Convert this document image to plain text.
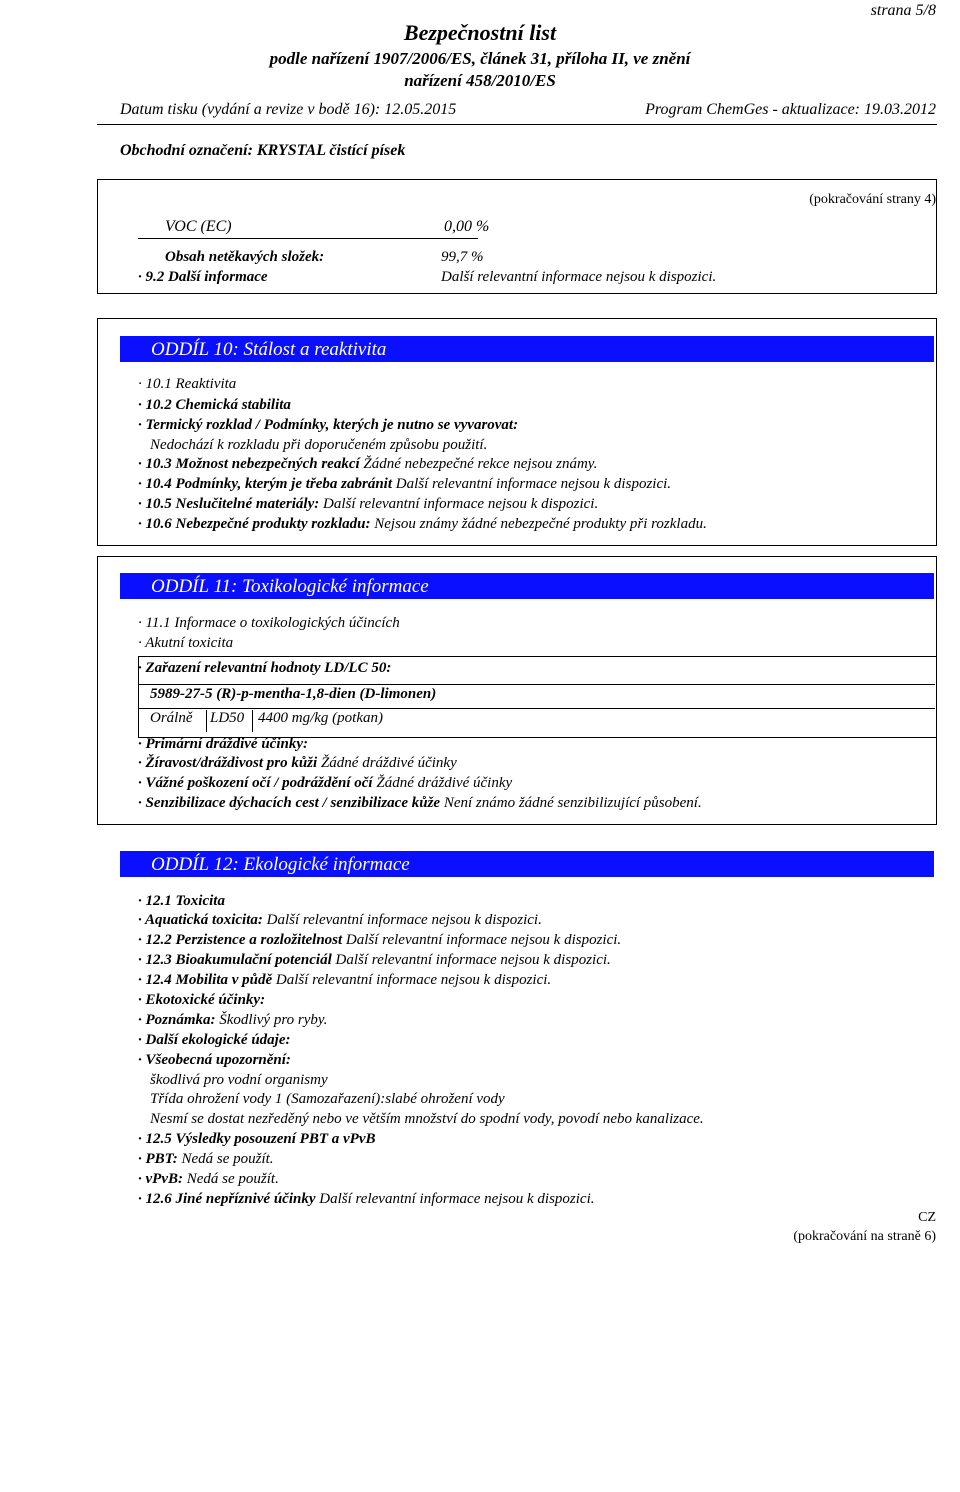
strana 5/8
Bezpečnostní list
podle nařízení 1907/2006/ES, článek 31, příloha II, ve znění
nařízení 458/2010/ES
Datum tisku (vydání a revize v bodě 16): 12.05.2015	Program ChemGes - aktualizace: 19.03.2012
Obchodní označení: KRYSTAL čistící písek
(pokračování strany 4)
VOC (EC)	0,00 %
Obsah netěkavých složek:	99,7 %
· 9.2 Další informace	Další relevantní informace nejsou k dispozici.
ODDÍL 10: Stálost a reaktivita
· 10.1 Reaktivita
· 10.2 Chemická stabilita
· Termický rozklad / Podmínky, kterých je nutno se vyvarovat:
Nedochází k rozkladu při doporučeném způsobu použití.
· 10.3 Možnost nebezpečných reakcí Žádné nebezpečné rekce nejsou známy.
· 10.4 Podmínky, kterým je třeba zabránit Další relevantní informace nejsou k dispozici.
· 10.5 Neslučitelné materiály: Další relevantní informace nejsou k dispozici.
· 10.6 Nebezpečné produkty rozkladu: Nejsou známy žádné nebezpečné produkty při rozkladu.
ODDÍL 11: Toxikologické informace
· 11.1 Informace o toxikologických účincích
· Akutní toxicita
· Zařazení relevantní hodnoty LD/LC 50:
5989-27-5 (R)-p-mentha-1,8-dien (D-limonen)
Orálně LD50 4400 mg/kg (potkan)
· Primární dráždivé účinky:
· Žíravost/dráždivost pro kůži Žádné dráždivé účinky
· Vážné poškození očí / podráždění očí Žádné dráždivé účinky
· Senzibilizace dýchacích cest / senzibilizace kůže Není známo žádné senzibilizující působení.
ODDÍL 12: Ekologické informace
· 12.1 Toxicita
· Aquatická toxicita: Další relevantní informace nejsou k dispozici.
· 12.2 Perzistence a rozložitelnost Další relevantní informace nejsou k dispozici.
· 12.3 Bioakumulační potenciál Další relevantní informace nejsou k dispozici.
· 12.4 Mobilita v půdě Další relevantní informace nejsou k dispozici.
· Ekotoxické účinky:
· Poznámka: Škodlivý pro ryby.
· Další ekologické údaje:
· Všeobecná upozornění:
škodlivá pro vodní organismy
Třída ohrožení vody 1 (Samozařazení):slabé ohrožení vody
Nesmí se dostat nezředěný nebo ve větším množství do spodní vody, povodí nebo kanalizace.
· 12.5 Výsledky posouzení PBT a vPvB
· PBT: Nedá se použít.
· vPvB: Nedá se použít.
· 12.6 Jiné nepříznivé účinky Další relevantní informace nejsou k dispozici.
CZ
(pokračování na straně 6)
